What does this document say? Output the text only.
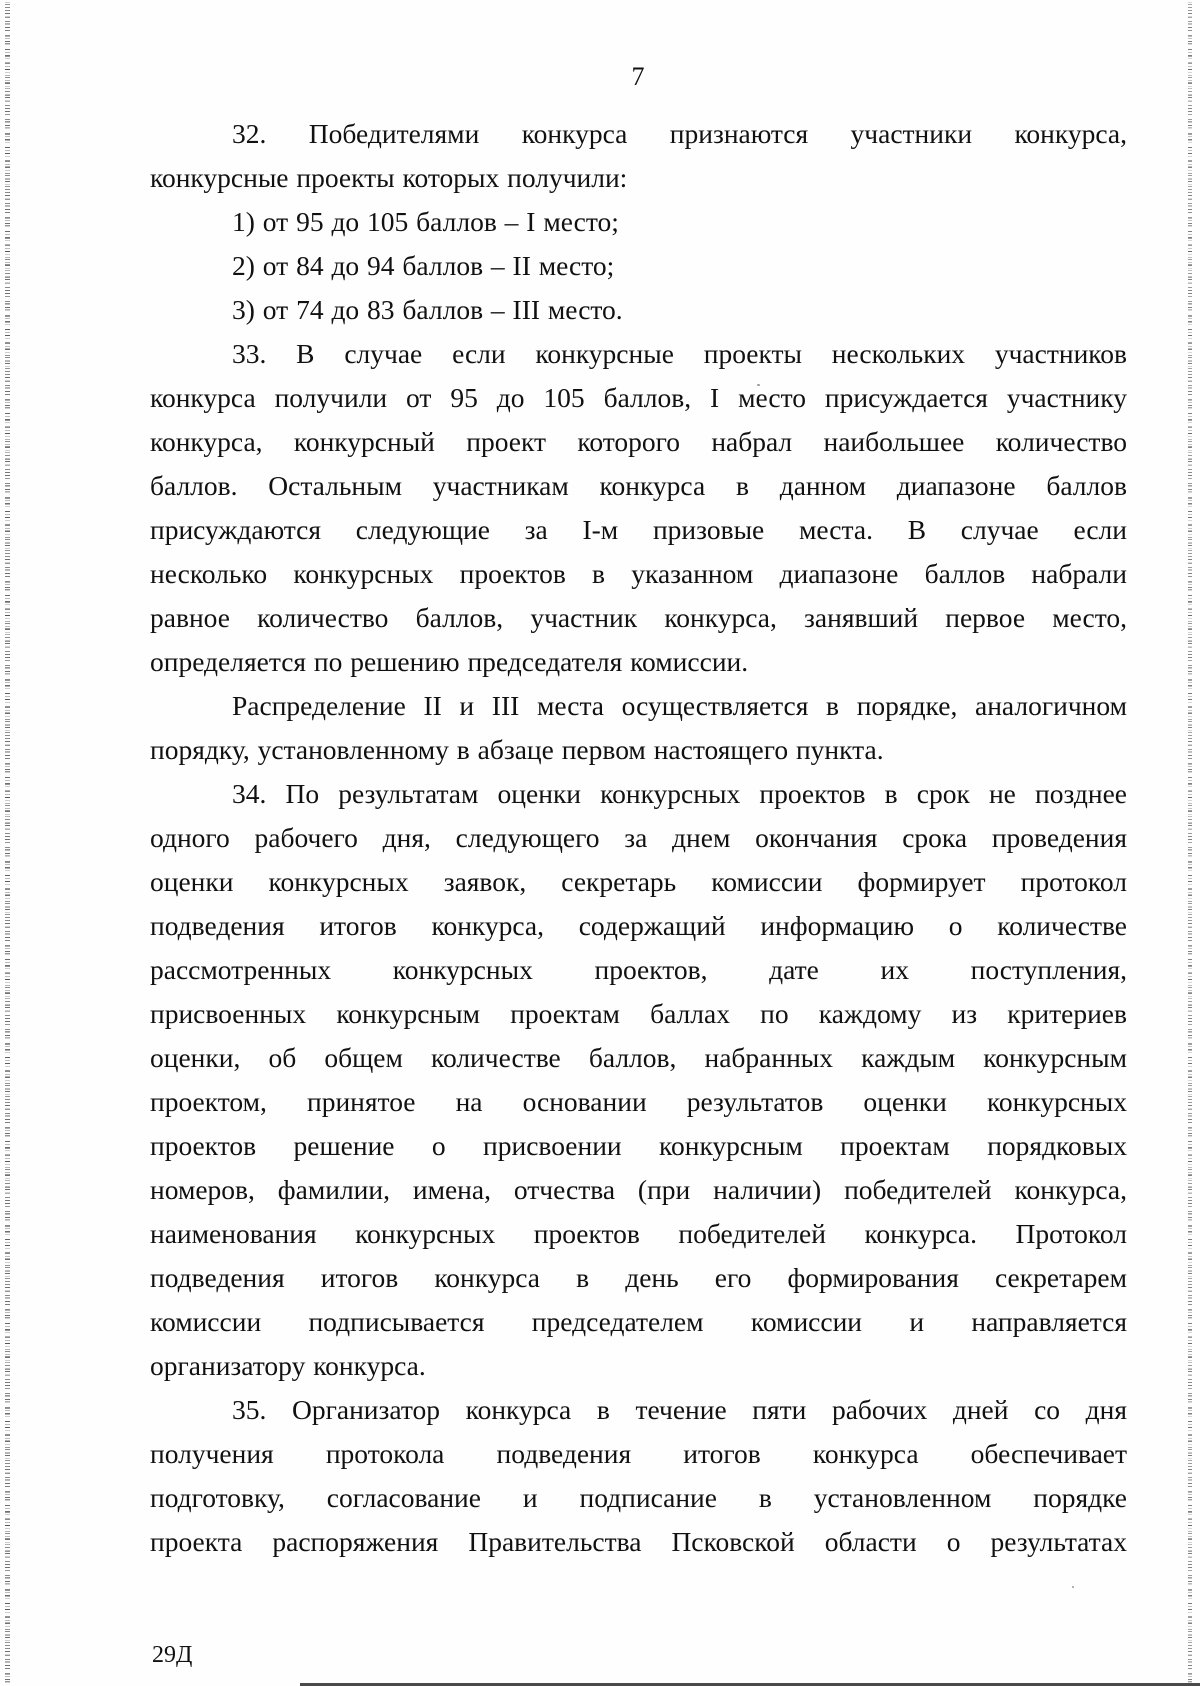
7
32. Победителями конкурса признаются участники конкурса,
конкурсные проекты которых получили:
1) от 95 до 105 баллов – I место;
2) от 84 до 94 баллов – II место;
3) от 74 до 83 баллов – III место.
33. В случае если конкурсные проекты нескольких участников
конкурса получили от 95 до 105 баллов, I место присуждается участнику
конкурса, конкурсный проект которого набрал наибольшее количество
баллов. Остальным участникам конкурса в данном диапазоне баллов
присуждаются следующие за I-м призовые места. В случае если
несколько конкурсных проектов в указанном диапазоне баллов набрали
равное количество баллов, участник конкурса, занявший первое место,
определяется по решению председателя комиссии.
Распределение II и III места осуществляется в порядке, аналогичном
порядку, установленному в абзаце первом настоящего пункта.
34. По результатам оценки конкурсных проектов в срок не позднее
одного рабочего дня, следующего за днем окончания срока проведения
оценки конкурсных заявок, секретарь комиссии формирует протокол
подведения итогов конкурса, содержащий информацию о количестве
рассмотренных конкурсных проектов, дате их поступления,
присвоенных конкурсным проектам баллах по каждому из критериев
оценки, об общем количестве баллов, набранных каждым конкурсным
проектом, принятое на основании результатов оценки конкурсных
проектов решение о присвоении конкурсным проектам порядковых
номеров, фамилии, имена, отчества (при наличии) победителей конкурса,
наименования конкурсных проектов победителей конкурса. Протокол
подведения итогов конкурса в день его формирования секретарем
комиссии подписывается председателем комиссии и направляется
организатору конкурса.
35. Организатор конкурса в течение пяти рабочих дней со дня
получения протокола подведения итогов конкурса обеспечивает
подготовку, согласование и подписание в установленном порядке
проекта распоряжения Правительства Псковской области о результатах
29Д
